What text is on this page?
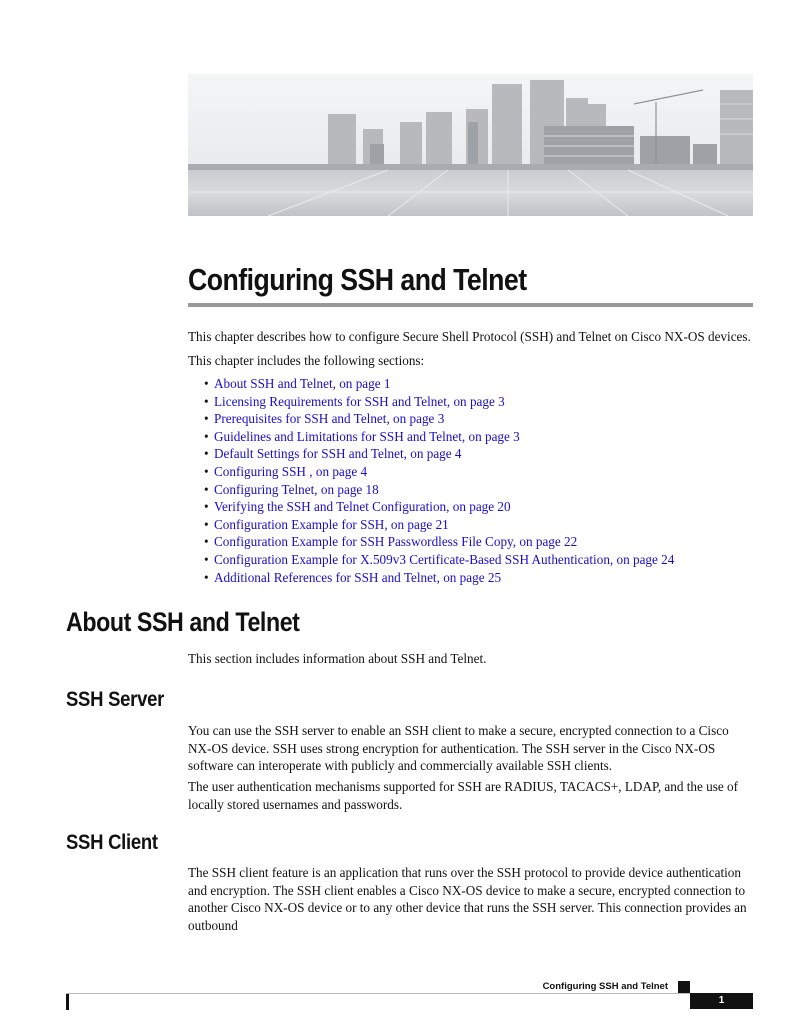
Configuring SSH and Telnet
This chapter describes how to configure Secure Shell Protocol (SSH) and Telnet on Cisco NX-OS devices.
This chapter includes the following sections:
• About SSH and Telnet, on page 1
• Licensing Requirements for SSH and Telnet, on page 3
• Prerequisites for SSH and Telnet, on page 3
• Guidelines and Limitations for SSH and Telnet, on page 3
• Default Settings for SSH and Telnet, on page 4
• Configuring SSH , on page 4
• Configuring Telnet, on page 18
• Verifying the SSH and Telnet Configuration, on page 20
• Configuration Example for SSH, on page 21
• Configuration Example for SSH Passwordless File Copy, on page 22
• Configuration Example for X.509v3 Certificate-Based SSH Authentication, on page 24
• Additional References for SSH and Telnet, on page 25
About SSH and Telnet
This section includes information about SSH and Telnet.
SSH Server
You can use the SSH server to enable an SSH client to make a secure, encrypted connection to a Cisco NX-OS device. SSH uses strong encryption for authentication. The SSH server in the Cisco NX-OS software can interoperate with publicly and commercially available SSH clients.
The user authentication mechanisms supported for SSH are RADIUS, TACACS+, LDAP, and the use of locally stored usernames and passwords.
SSH Client
The SSH client feature is an application that runs over the SSH protocol to provide device authentication and encryption. The SSH client enables a Cisco NX-OS device to make a secure, encrypted connection to another Cisco NX-OS device or to any other device that runs the SSH server. This connection provides an outbound
Configuring SSH and Telnet
1
